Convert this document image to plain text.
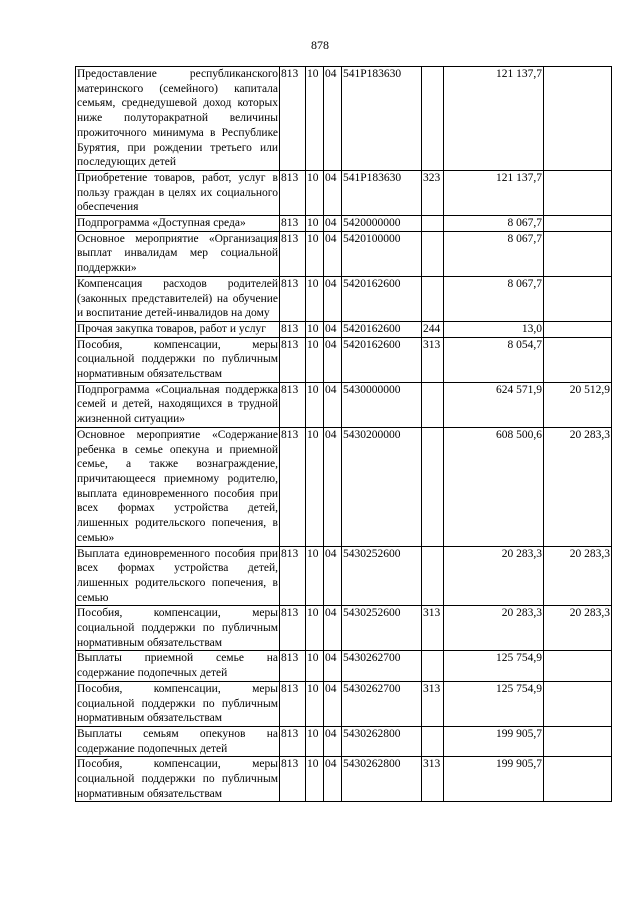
878
Предоставление республиканского материнского (семейного) капитала семьям, среднедушевой доход которых ниже полуторакратной величины прожиточного минимума в Республике Бурятия, при рождении третьего или последующих детей	813	10	04	541P183630		121 137,7	
Приобретение товаров, работ, услуг в пользу граждан в целях их социального обеспечения	813	10	04	541P183630	323	121 137,7	
Подпрограмма «Доступная среда»	813	10	04	5420000000		8 067,7	
Основное мероприятие «Организация выплат инвалидам мер социальной поддержки»	813	10	04	5420100000		8 067,7	
Компенсация расходов родителей (законных представителей) на обучение и воспитание детей-инвалидов на дому	813	10	04	5420162600		8 067,7	
Прочая закупка товаров, работ и услуг	813	10	04	5420162600	244	13,0	
Пособия, компенсации, меры социальной поддержки по публичным нормативным обязательствам	813	10	04	5420162600	313	8 054,7	
Подпрограмма «Социальная поддержка семей и детей, находящихся в трудной жизненной ситуации»	813	10	04	5430000000		624 571,9	20 512,9
Основное мероприятие «Содержание ребенка в семье опекуна и приемной семье, а также вознаграждение, причитающееся приемному родителю, выплата единовременного пособия при всех формах устройства детей, лишенных родительского попечения, в семью»	813	10	04	5430200000		608 500,6	20 283,3
Выплата единовременного пособия при всех формах устройства детей, лишенных родительского попечения, в семью	813	10	04	5430252600		20 283,3	20 283,3
Пособия, компенсации, меры социальной поддержки по публичным нормативным обязательствам	813	10	04	5430252600	313	20 283,3	20 283,3
Выплаты приемной семье на содержание подопечных детей	813	10	04	5430262700		125 754,9	
Пособия, компенсации, меры социальной поддержки по публичным нормативным обязательствам	813	10	04	5430262700	313	125 754,9	
Выплаты семьям опекунов на содержание подопечных детей	813	10	04	5430262800		199 905,7	
Пособия, компенсации, меры социальной поддержки по публичным нормативным обязательствам	813	10	04	5430262800	313	199 905,7	
